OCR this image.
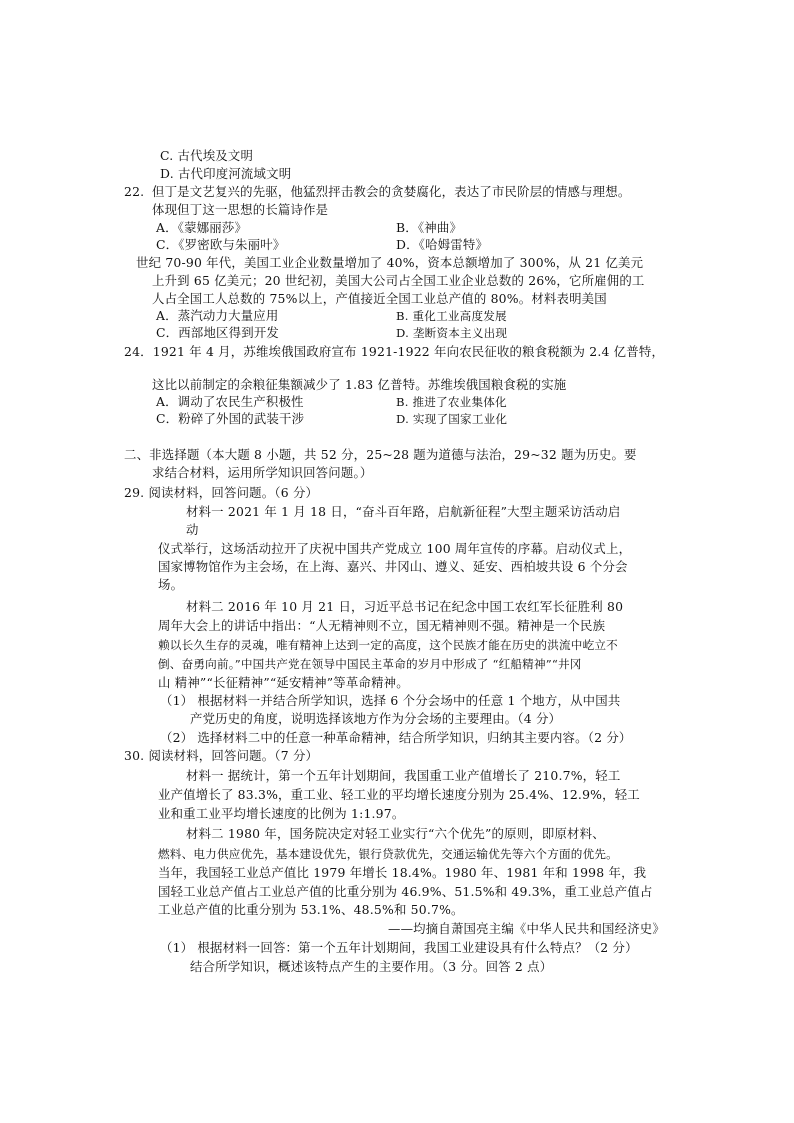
C. 古代埃及文明
D. 古代印度河流域文明
22. 但丁是文艺复兴的先驱，他猛烈抨击教会的贪婪腐化，表达了市民阶层的情感与理想。
体现但丁这一思想的长篇诗作是
A．《蒙娜丽莎》	B．《神曲》
C．《罗密欧与朱丽叶》	D．《哈姆雷特》
世纪 70-90 年代，美国工业企业数量增加了 40%，资本总额增加了 300%，从 21 亿美元
上升到 65 亿美元；20 世纪初，美国大公司占全国工业企业总数的 26%，它所雇佣的工
人占全国工人总数的 75%以上，产值接近全国工业总产值的 80%。材料表明美国
A．蒸汽动力大量应用	B. 重化工业高度发展
C．西部地区得到开发	D. 垄断资本主义出现
24．1921 年 4 月，苏维埃俄国政府宣布 1921-1922 年向农民征收的粮食税额为 2.4 亿普特，
这比以前制定的余粮征集额减少了 1.83 亿普特。苏维埃俄国粮食税的实施
A．调动了农民生产积极性	B. 推进了农业集体化
C．粉碎了外国的武装干涉	D. 实现了国家工业化
二、非选择题（本大题 8 小题，共 52 分，25~28 题为道德与法治，29~32 题为历史。要
求结合材料，运用所学知识回答问题。）
29. 阅读材料，回答问题。（6 分）
材料一 2021 年 1 月 18 日，“奋斗百年路，启航新征程”大型主题采访活动启
动
仪式举行，这场活动拉开了庆祝中国共产党成立 100 周年宣传的序幕。启动仪式上，
国家博物馆作为主会场，在上海、嘉兴、井冈山、遵义、延安、西柏坡共设 6 个分会
场。
材料二 2016 年 10 月 21 日，习近平总书记在纪念中国工农红军长征胜利 80
周年大会上的讲话中指出：“人无精神则不立，国无精神则不强。精神是一个民族
赖以长久生存的灵魂，唯有精神上达到一定的高度，这个民族才能在历史的洪流中屹立不
倒、奋勇向前。”中国共产党在领导中国民主革命的岁月中形成了 “红船精神”“井冈
山 精神”“长征精神”“延安精神”等革命精神。
（1） 根据材料一并结合所学知识，选择 6 个分会场中的任意 1 个地方，从中国共
产党历史的角度，说明选择该地方作为分会场的主要理由。（4 分）
（2） 选择材料二中的任意一种革命精神，结合所学知识，归纳其主要内容。（2 分）
30. 阅读材料，回答问题。（7 分）
材料一 据统计，第一个五年计划期间，我国重工业产值增长了 210.7%，轻工
业产值增长了 83.3%，重工业、轻工业的平均增长速度分别为 25.4%、12.9%，轻工
业和重工业平均增长速度的比例为 1:1.97。
材料二 1980 年，国务院决定对轻工业实行“六个优先”的原则，即原材料、
燃料、电力供应优先，基本建设优先，银行贷款优先，交通运输优先等六个方面的优先。
当年，我国轻工业总产值比 1979 年增长 18.4%。1980 年、1981 年和 1998 年，我
国轻工业总产值占工业总产值的比重分别为 46.9%、51.5%和 49.3%，重工业总产值占
工业总产值的比重分别为 53.1%、48.5%和 50.7%。
——均摘自萧国亮主编《中华人民共和国经济史》
（1） 根据材料一回答：第一个五年计划期间，我国工业建设具有什么特点？（2 分）
结合所学知识，概述该特点产生的主要作用。（3 分。回答 2 点）
